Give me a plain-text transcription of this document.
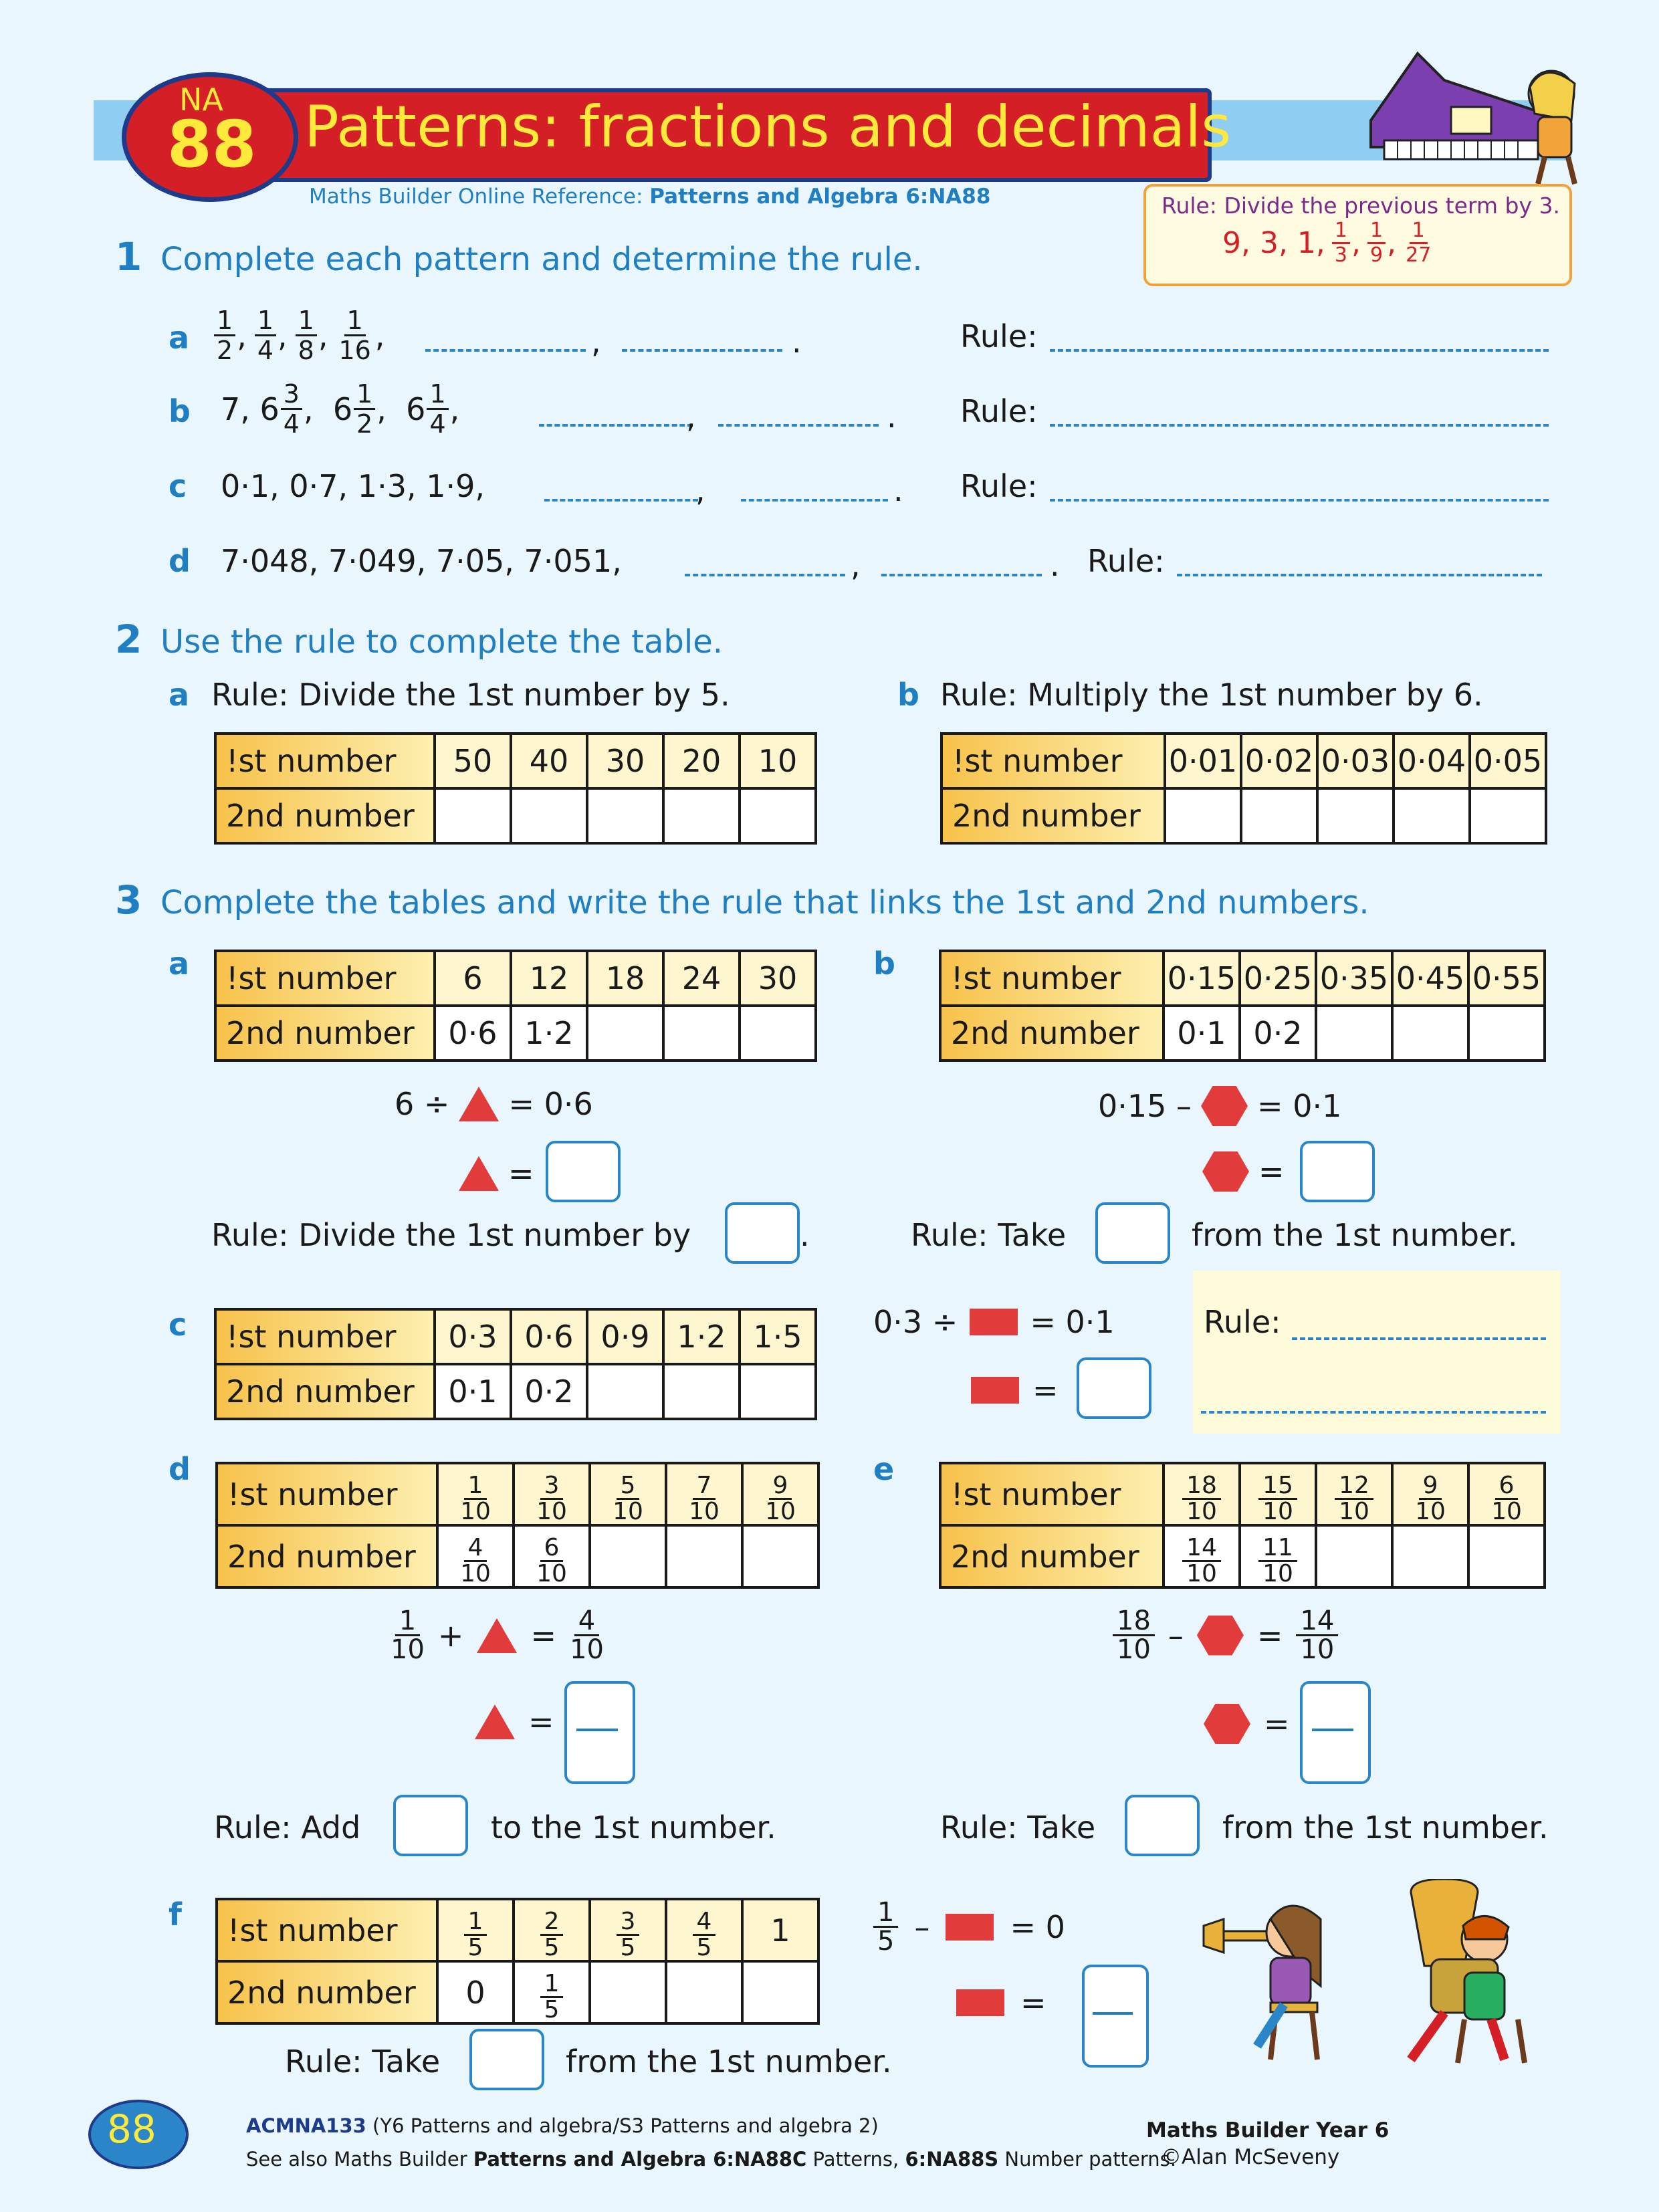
Patterns: fractions and decimals
NA
88
Maths Builder Online Reference: Patterns and Algebra 6:NA88	Rule: Divide the previous term by 3.
9, 3, 1, $\frac{1}{3}$ , $\frac{1}{9}$ , $\frac{1}{27}$
1 Complete each pattern and determine the rule.
a $\frac{1}{2}$ , $\frac{1}{4}$ , $\frac{1}{8}$ , $\frac{1}{16}$ ,	,	.	Rule:
b 7, $6 \frac{3}{4}$ ,  $6 \frac{1}{2}$ ,  $6 \frac{1}{4}$ ,	,	. Rule:
c 0·1, 0·7, 1·3, 1·9,	,	. Rule:
d 7·048, 7·049, 7·05, 7·051,	,	. Rule:
2 Use the rule to complete the table.
a Rule: Divide the 1st number by 5.
!st number	50	40	30	20	10
2nd number					
b Rule: Multiply the 1st number by 6.
!st number	0·01	0·02	0·03	0·04	0·05
2nd number					
3 Complete the tables and write the rule that links the 1st and 2nd numbers.
a !st number	6	12	18	24	30
2nd number	0·6	1·2			
6 ÷ = 0·6
=
Rule: Divide the 1st number by	.
b !st number	0·15	0·25	0·35	0·45	0·55
2nd number	0·1	0·2			
0·15 – = 0·1
=
Rule: Take	from the 1st number.
c !st number	0·3	0·6	0·9	1·2	1·5
2nd number	0·1	0·2			
0·3 ÷ = 0·1
=
Rule:
d
!st number	$\frac{1}{10}$	$\frac{3}{10}$	$\frac{5}{10}$	$\frac{7}{10}$	$\frac{9}{10}$

2nd number	$\frac{4}{10}$	$\frac{6}{10}$

1
10 + = $\frac{4}{10}$
=
Rule: Add	to the 1st number.
e
!st number	$\frac{18}{10}$	$\frac{15}{10}$	$\frac{12}{10}$	$\frac{9}{10}$	$\frac{6}{10}$

2nd number	$\frac{14}{10}$	$\frac{11}{10}$

18
10 – = $\frac{14}{10}$
=
Rule: Take	from the 1st number.
f !st number	$\frac{1}{5}$	$\frac{2}{5}$	$\frac{3}{5}$	$\frac{4}{5}$	1
2nd number	0	$\frac{1}{5}$

1
5 –	= 0
=
Rule: Take	from the 1st number.
88	ACMNA133 (Y6 Patterns and algebra/S3 Patterns and algebra 2)
See also Maths Builder Patterns and Algebra 6:NA88C Patterns, 6:NA88S Number patterns.
Maths Builder Year 6
©Alan McSeveny
